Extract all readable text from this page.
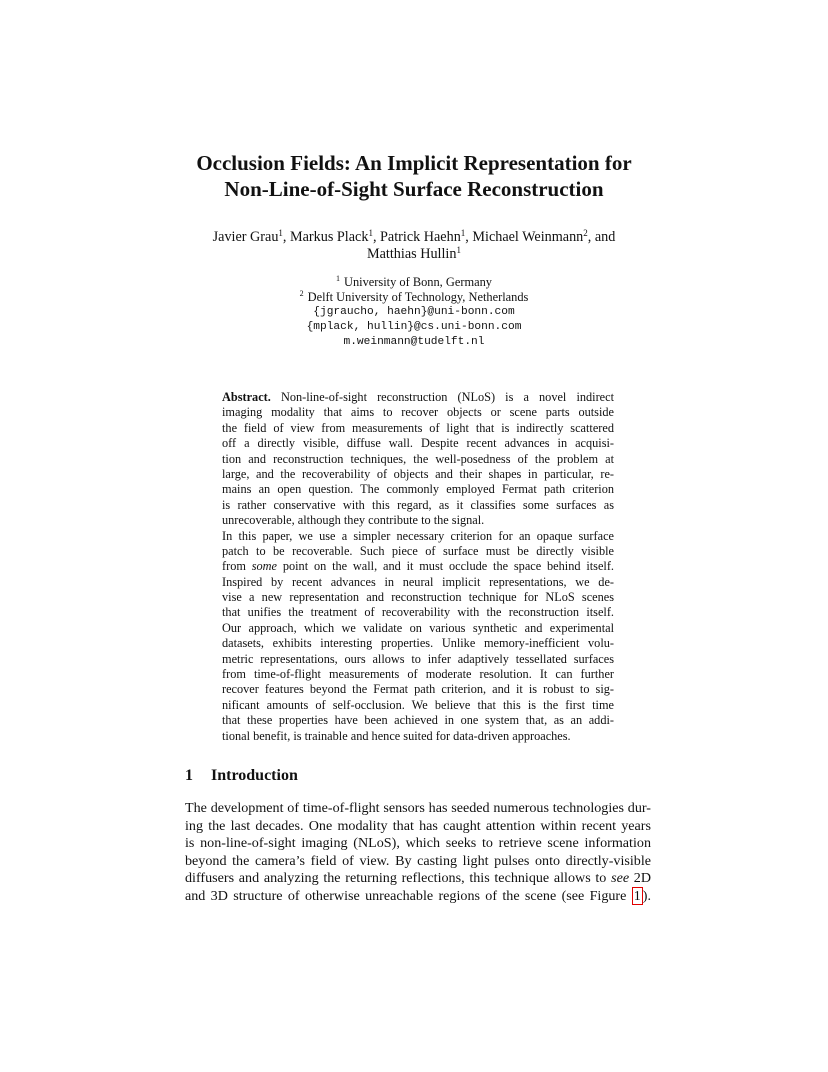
Occlusion Fields: An Implicit Representation for
Non-Line-of-Sight Surface Reconstruction
Javier Grau$^1$, Markus Plack$^1$, Patrick Haehn$^1$, Michael Weinmann$^2$, and
Matthias Hullin$^1$
$^1$ University of Bonn, Germany
$^2$ Delft University of Technology, Netherlands
{jgraucho, haehn}@uni-bonn.com
{mplack, hullin}@cs.uni-bonn.com
m.weinmann@tudelft.nl
Abstract. Non-line-of-sight reconstruction (NLoS) is a novel indirect
imaging modality that aims to recover objects or scene parts outside
the field of view from measurements of light that is indirectly scattered
off a directly visible, diffuse wall. Despite recent advances in acquisi-
tion and reconstruction techniques, the well-posedness of the problem at
large, and the recoverability of objects and their shapes in particular, re-
mains an open question. The commonly employed Fermat path criterion
is rather conservative with this regard, as it classifies some surfaces as
unrecoverable, although they contribute to the signal.
In this paper, we use a simpler necessary criterion for an opaque surface
patch to be recoverable. Such piece of surface must be directly visible
from some point on the wall, and it must occlude the space behind itself.
Inspired by recent advances in neural implicit representations, we de-
vise a new representation and reconstruction technique for NLoS scenes
that unifies the treatment of recoverability with the reconstruction itself.
Our approach, which we validate on various synthetic and experimental
datasets, exhibits interesting properties. Unlike memory-inefficient volu-
metric representations, ours allows to infer adaptively tessellated surfaces
from time-of-flight measurements of moderate resolution. It can further
recover features beyond the Fermat path criterion, and it is robust to sig-
nificant amounts of self-occlusion. We believe that this is the first time
that these properties have been achieved in one system that, as an addi-
tional benefit, is trainable and hence suited for data-driven approaches.
1 Introduction
The development of time-of-flight sensors has seeded numerous technologies dur-
ing the last decades. One modality that has caught attention within recent years
is non-line-of-sight imaging (NLoS), which seeks to retrieve scene information
beyond the camera’s field of view. By casting light pulses onto directly-visible
diffusers and analyzing the returning reflections, this technique allows to see 2D
and 3D structure of otherwise unreachable regions of the scene (see Figure 1 ).
